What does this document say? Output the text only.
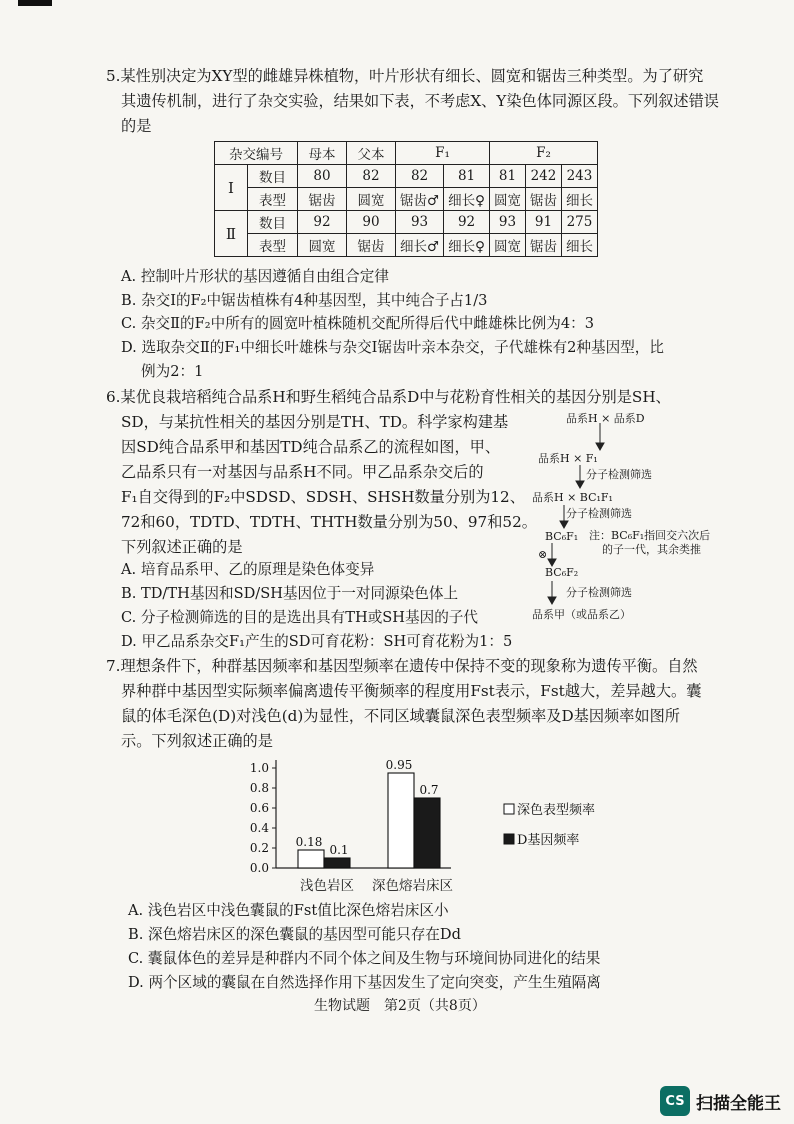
5.某性别决定为XY型的雌雄异株植物，叶片形状有细长、圆宽和锯齿三种类型。为了研究
其遗传机制，进行了杂交实验，结果如下表，不考虑X、Y染色体同源区段。下列叙述错误
的是
杂交编号		母本	父本	F₁		F₂		
Ⅰ	数目	80	82	82	81	81	242	243
	表型	锯齿	圆宽	锯齿♂	细长♀	圆宽	锯齿	细长
Ⅱ	数目	92	90	93	92	93	91	275
	表型	圆宽	锯齿	细长♂	细长♀	圆宽	锯齿	细长
A. 控制叶片形状的基因遵循自由组合定律
B. 杂交Ⅰ的F₂中锯齿植株有4种基因型，其中纯合子占1/3
C. 杂交Ⅱ的F₂中所有的圆宽叶植株随机交配所得后代中雌雄株比例为4：3
D. 选取杂交Ⅱ的F₁中细长叶雄株与杂交Ⅰ锯齿叶亲本杂交，子代雄株有2种基因型，比
例为2：1
6.某优良栽培稻纯合品系H和野生稻纯合品系D中与花粉育性相关的基因分别是SH、
SD，与某抗性相关的基因分别是TH、TD。科学家构建基
因SD纯合品系甲和基因TD纯合品系乙的流程如图，甲、
乙品系只有一对基因与品系H不同。甲乙品系杂交后的
F₁自交得到的F₂中SDSD、SDSH、SHSH数量分别为12、
72和60，TDTD、TDTH、THTH数量分别为50、97和52。
下列叙述正确的是
A. 培育品系甲、乙的原理是染色体变异
B. TD/TH基因和SD/SH基因位于一对同源染色体上
C. 分子检测筛选的目的是选出具有TH或SH基因的子代
D. 甲乙品系杂交F₁产生的SD可育花粉：SH可育花粉为1：5
品系H × 品系D
品系H × F₁
分子检测筛选
品系H × BC₁F₁
分子检测筛选
BC₆F₁ 注：BC₆F₁指回交六次后
的子一代，其余类推
⊗
BC₆F₂
分子检测筛选
品系甲（或品系乙）
7.理想条件下，种群基因频率和基因型频率在遗传中保持不变的现象称为遗传平衡。自然
界种群中基因型实际频率偏离遗传平衡频率的程度用Fst表示，Fst越大，差异越大。囊
鼠的体毛深色(D)对浅色(d)为显性，不同区域囊鼠深色表型频率及D基因频率如图所
示。下列叙述正确的是
0.0
0.2
0.4
0.6
0.8
1.0
0.18
0.1
0.95
0.7
深色表型频率
D基因频率
浅色岩区 深色熔岩床区
A. 浅色岩区中浅色囊鼠的Fst值比深色熔岩床区小
B. 深色熔岩床区的深色囊鼠的基因型可能只存在Dd
C. 囊鼠体色的差异是种群内不同个体之间及生物与环境间协同进化的结果
D. 两个区域的囊鼠在自然选择作用下基因发生了定向突变，产生生殖隔离
生物试题　第2页（共8页）
CS 扫描全能王
